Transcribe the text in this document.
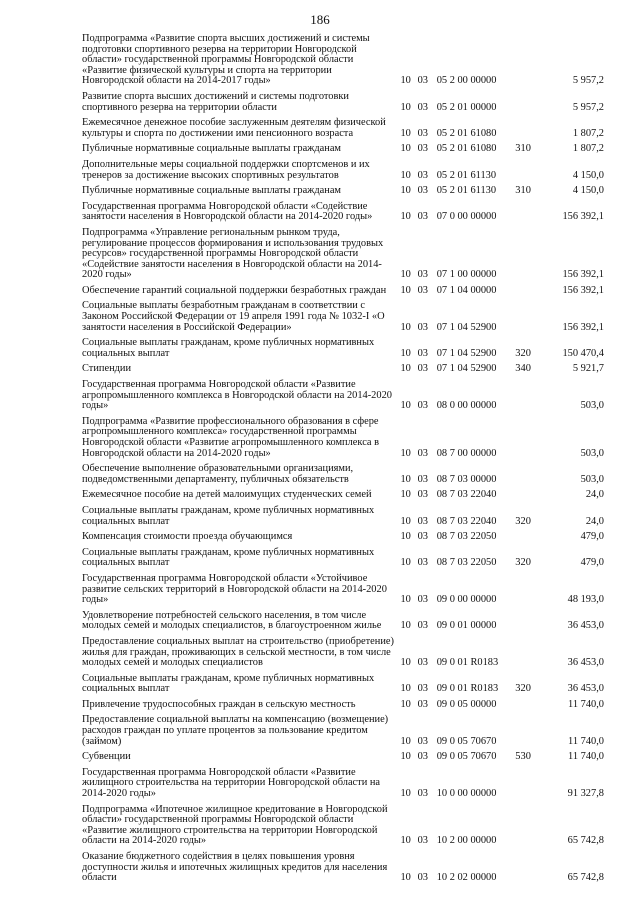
186
Подпрограмма «Развитие спорта высших достижений и системы подготовки спортивного резерва на территории Новгородской области» государственной программы Новгородской области «Развитие физической культуры и спорта на территории Новгородской области на 2014-2017 годы»	10	03	05 2 00 00000		5 957,2
Развитие спорта высших достижений и системы подготовки спортивного резерва на территории области	10	03	05 2 01 00000		5 957,2
Ежемесячное денежное пособие заслуженным деятелям физической культуры и спорта по достижении ими пенсионного возраста	10	03	05 2 01 61080		1 807,2
Публичные нормативные социальные выплаты гражданам	10	03	05 2 01 61080	310	1 807,2
Дополнительные меры социальной поддержки спортсменов и их тренеров за достижение высоких спортивных результатов	10	03	05 2 01 61130		4 150,0
Публичные нормативные социальные выплаты гражданам	10	03	05 2 01 61130	310	4 150,0
Государственная программа Новгородской области «Содействие занятости населения в Новгородской области на 2014-2020 годы»	10	03	07 0 00 00000		156 392,1
Подпрограмма «Управление региональным рынком труда, регулирование процессов формирования и использования трудовых ресурсов» государственной программы Новгородской области «Содействие занятости населения в Новгородской области на 2014-2020 годы»	10	03	07 1 00 00000		156 392,1
Обеспечение гарантий социальной поддержки безработных граждан	10	03	07 1 04 00000		156 392,1
Социальные выплаты безработным гражданам в соответствии с Законом Российской Федерации от 19 апреля 1991 года № 1032-I «О занятости населения в Российской Федерации»	10	03	07 1 04 52900		156 392,1
Социальные выплаты гражданам, кроме публичных нормативных социальных выплат	10	03	07 1 04 52900	320	150 470,4
Стипендии	10	03	07 1 04 52900	340	5 921,7
Государственная программа Новгородской области «Развитие агропромышленного комплекса в Новгородской области на 2014-2020 годы»	10	03	08 0 00 00000		503,0
Подпрограмма «Развитие профессионального образования в сфере агропромышленного комплекса» государственной программы Новгородской области «Развитие агропромышленного комплекса в Новгородской области на 2014-2020 годы»	10	03	08 7 00 00000		503,0
Обеспечение выполнение образовательными организациями, подведомственными департаменту, публичных обязательств	10	03	08 7 03 00000		503,0
Ежемесячное пособие на детей малоимущих студенческих семей	10	03	08 7 03 22040		24,0
Социальные выплаты гражданам, кроме публичных нормативных социальных выплат	10	03	08 7 03 22040	320	24,0
Компенсация стоимости проезда обучающимся	10	03	08 7 03 22050		479,0
Социальные выплаты гражданам, кроме публичных нормативных социальных выплат	10	03	08 7 03 22050	320	479,0
Государственная программа Новгородской области «Устойчивое развитие сельских территорий в Новгородской области на 2014-2020 годы»	10	03	09 0 00 00000		48 193,0
Удовлетворение потребностей сельского населения, в том числе молодых семей и молодых специалистов, в благоустроенном жилье	10	03	09 0 01 00000		36 453,0
Предоставление социальных выплат на строительство (приобретение) жилья для граждан, проживающих в сельской местности, в том числе молодых семей и молодых специалистов	10	03	09 0 01 R0183		36 453,0
Социальные выплаты гражданам, кроме публичных нормативных социальных выплат	10	03	09 0 01 R0183	320	36 453,0
Привлечение трудоспособных граждан в сельскую местность	10	03	09 0 05 00000		11 740,0
Предоставление социальной выплаты на компенсацию (возмещение) расходов граждан по уплате процентов за пользование кредитом (займом)	10	03	09 0 05 70670		11 740,0
Субвенции	10	03	09 0 05 70670	530	11 740,0
Государственная программа Новгородской области «Развитие жилищного строительства на территории Новгородской области на 2014-2020 годы»	10	03	10 0 00 00000		91 327,8
Подпрограмма «Ипотечное жилищное кредитование в Новгородской области» государственной программы Новгородской области «Развитие жилищного строительства на территории Новгородской области на 2014-2020 годы»	10	03	10 2 00 00000		65 742,8
Оказание бюджетного содействия в целях повышения уровня доступности жилья и ипотечных жилищных кредитов для населения области	10	03	10 2 02 00000		65 742,8
